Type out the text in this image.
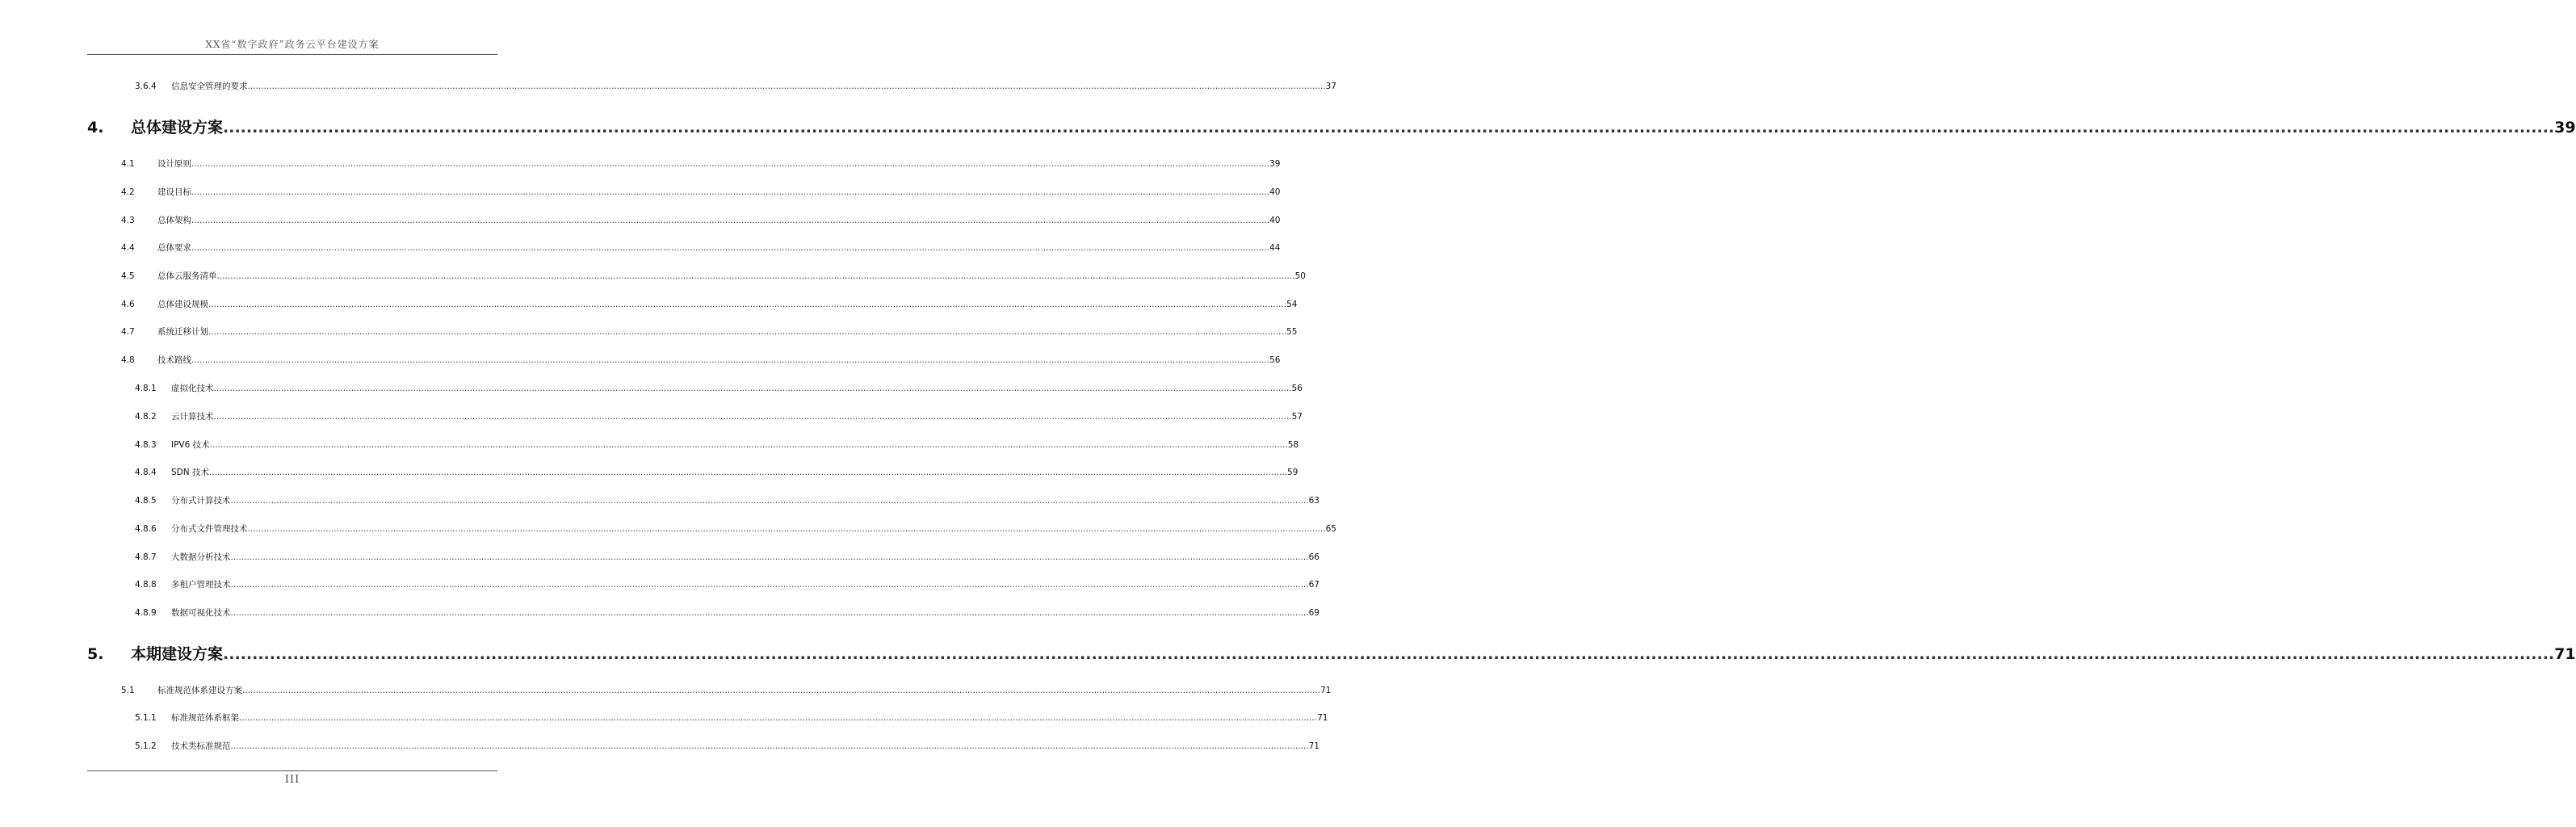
XX省“数字政府”政务云平台建设方案
3.6.4	信息安全管理的要求 ................................................................................................................................................................................................................................................................................................................................................................................................................ 37
4.	总体建设方案 ................................................................................................................................................................................................................................................................................................................................................................................................................ 39
4.1	设计原则 ................................................................................................................................................................................................................................................................................................................................................................................................................ 39
4.2	建设目标 ................................................................................................................................................................................................................................................................................................................................................................................................................ 40
4.3	总体架构 ................................................................................................................................................................................................................................................................................................................................................................................................................ 40
4.4	总体要求 ................................................................................................................................................................................................................................................................................................................................................................................................................ 44
4.5	总体云服务清单 ................................................................................................................................................................................................................................................................................................................................................................................................................ 50
4.6	总体建设规模 ................................................................................................................................................................................................................................................................................................................................................................................................................ 54
4.7	系统迁移计划 ................................................................................................................................................................................................................................................................................................................................................................................................................ 55
4.8	技术路线 ................................................................................................................................................................................................................................................................................................................................................................................................................ 56
4.8.1	虚拟化技术 ................................................................................................................................................................................................................................................................................................................................................................................................................ 56
4.8.2	云计算技术 ................................................................................................................................................................................................................................................................................................................................................................................................................ 57
4.8.3	IPV6 技术 ................................................................................................................................................................................................................................................................................................................................................................................................................ 58
4.8.4	SDN 技术 ................................................................................................................................................................................................................................................................................................................................................................................................................ 59
4.8.5	分布式计算技术 ................................................................................................................................................................................................................................................................................................................................................................................................................ 63
4.8.6	分布式文件管理技术 ................................................................................................................................................................................................................................................................................................................................................................................................................ 65
4.8.7	大数据分析技术 ................................................................................................................................................................................................................................................................................................................................................................................................................ 66
4.8.8	多租户管理技术 ................................................................................................................................................................................................................................................................................................................................................................................................................ 67
4.8.9	数据可视化技术 ................................................................................................................................................................................................................................................................................................................................................................................................................ 69
5.	本期建设方案 ................................................................................................................................................................................................................................................................................................................................................................................................................ 71
5.1	标准规范体系建设方案 ................................................................................................................................................................................................................................................................................................................................................................................................................ 71
5.1.1	标准规范体系框架 ................................................................................................................................................................................................................................................................................................................................................................................................................ 71
5.1.2	技术类标准规范 ................................................................................................................................................................................................................................................................................................................................................................................................................ 71
III
